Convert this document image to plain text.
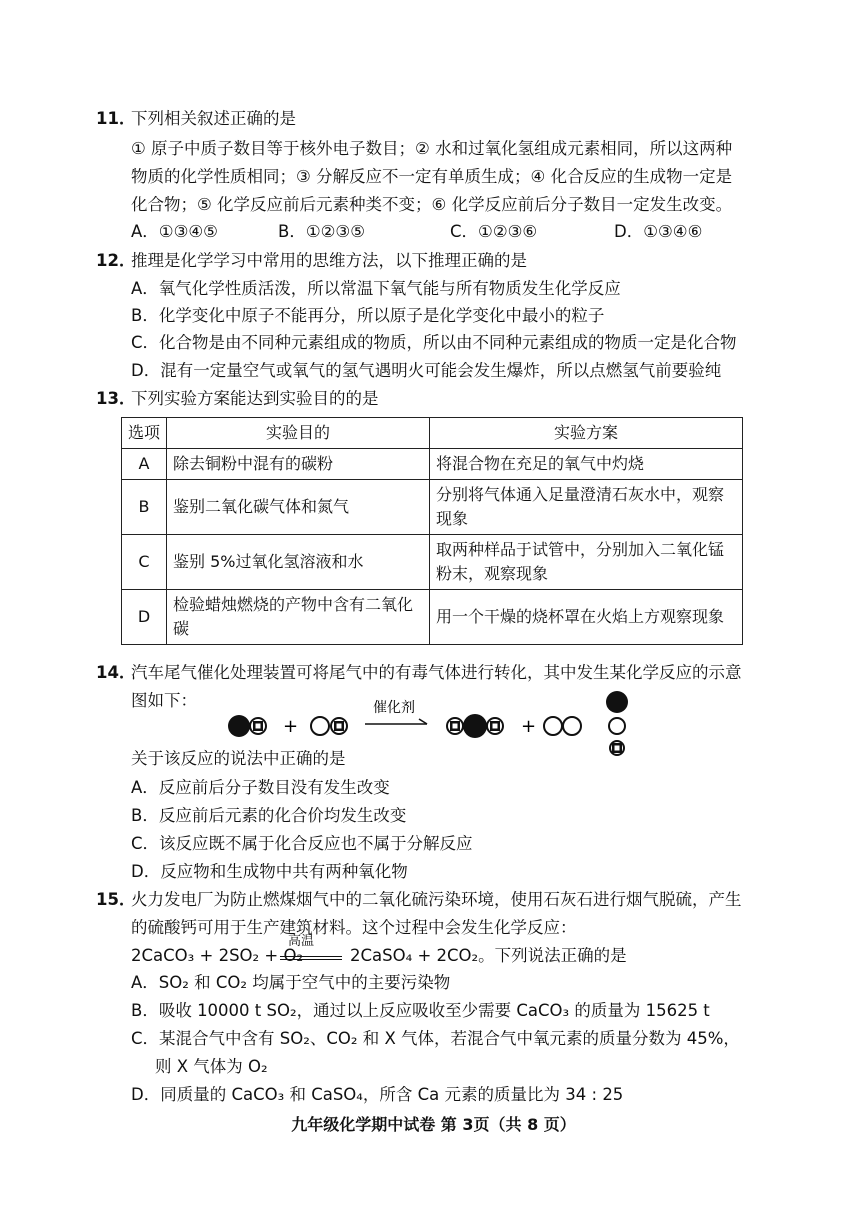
11．
下列相关叙述正确的是
① 原子中质子数目等于核外电子数目；② 水和过氧化氢组成元素相同，所以这两种
物质的化学性质相同；③ 分解反应不一定有单质生成；④ 化合反应的生成物一定是
化合物；⑤ 化学反应前后元素种类不变；⑥ 化学反应前后分子数目一定发生改变。
A．①③④⑤	B．①②③⑤	C．①②③⑥	D．①③④⑥
12．
推理是化学学习中常用的思维方法，以下推理正确的是
A．氧气化学性质活泼，所以常温下氧气能与所有物质发生化学反应
B．化学变化中原子不能再分，所以原子是化学变化中最小的粒子
C．化合物是由不同种元素组成的物质，所以由不同种元素组成的物质一定是化合物
D．混有一定量空气或氧气的氢气遇明火可能会发生爆炸，所以点燃氢气前要验纯
13．
下列实验方案能达到实验目的的是
选项	实验目的	实验方案
A	除去铜粉中混有的碳粉	将混合物在充足的氧气中灼烧
B	鉴别二氧化碳气体和氮气	分别将气体通入足量澄清石灰水中，观察现象
C	鉴别 5%过氧化氢溶液和水	取两种样品于试管中，分别加入二氧化锰粉末，观察现象
D	检验蜡烛燃烧的产物中含有二氧化碳	用一个干燥的烧杯罩在火焰上方观察现象
14．
汽车尾气催化处理装置可将尾气中的有毒气体进行转化，其中发生某化学反应的示意
图如下：
+
催化剂
+
关于该反应的说法中正确的是
A．反应前后分子数目没有发生改变
B．反应前后元素的化合价均发生改变
C．该反应既不属于化合反应也不属于分解反应
D．反应物和生成物中共有两种氧化物
15．
火力发电厂为防止燃煤烟气中的二氧化硫污染环境，使用石灰石进行烟气脱硫，产生
的硫酸钙可用于生产建筑材料。这个过程中会发生化学反应：
2CaCO₃ + 2SO₂ + O₂
高温
2CaSO₄ + 2CO₂。下列说法正确的是
A．SO₂ 和 CO₂ 均属于空气中的主要污染物
B．吸收 10000 t SO₂，通过以上反应吸收至少需要 CaCO₃ 的质量为 15625 t
C．某混合气中含有 SO₂、CO₂ 和 X 气体，若混合气中氧元素的质量分数为 45%，
则 X 气体为 O₂
D．同质量的 CaCO₃ 和 CaSO₄，所含 Ca 元素的质量比为 34 : 25
九年级化学期中试卷 第 3页（共 8 页）
